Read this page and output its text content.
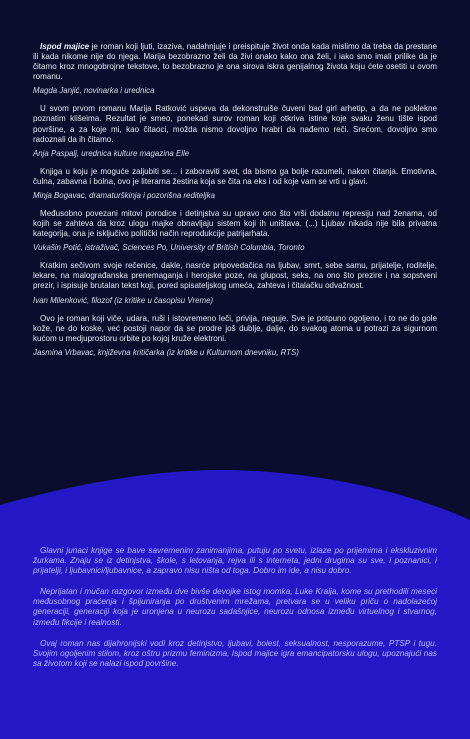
Ispod majice je roman koji ljuti, izaziva, nadahnjuje i preispituje život onda kada mislimo da treba da prestane ili kada nikome nije do njega. Marija bezobrazno želi da živi onako kako ona želi, i iako smo imali prilike da je čitamo kroz mnogobrojne tekstove, to bezobrazno je ona sirova iskra genijalnog života koju ćete osetiti u ovom romanu.

Magda Janjić, novinarka i urednica

U svom prvom romanu Marija Ratković uspeva da dekonstruiše čuveni bad girl arhetip, a da ne poklekne poznatim klišeima. Rezultat je smeo, ponekad surov roman koji otkriva istine koje svaku ženu tište ispod površine, a za koje mi, kao čitaoci, možda nismo dovoljno hrabri da nađemo reči. Srećom, dovoljno smo radoznali da ih čitamo.

Anja Paspalj, urednica kulture magazina Elle

Knjiga u koju je moguće zaljubiti se... i zaboraviti svet, da bismo ga bolje razumeli, nakon čitanja. Emotivna, čulna, zabavna i bolna, ovo je literarna žestina koja se čita na eks i od koje vam se vrti u glavi.

Minja Bogavac, dramaturškinja i pozorišna rediteljka

Međusobno povezani mitovi porodice i detinjstva su upravo ono što vrši dodatnu represiju nad ženama, od kojih se zahteva da kroz ulogu majke obnavljaju sistem koji ih uništava. (...) Ljubav nikada nije bila privatna kategorija, ona je isključivo politički način reprodukcije patrijarhata.

Vukašin Potić, istraživač, Sciences Po, University of British Columbia, Toronto

Kratkim sečivom svoje rečenice, dakle, nasrće pripovedačica na ljubav, smrt, sebe samu, prijatelje, roditelje, lekare, na malograđanska prenemaganja i herojske poze, na glupost, seks, na ono što prezire i na sopstveni prezir, i ispisuje brutalan tekst koji, pored spisateljskog umeća, zahteva i čitalačku odvažnost.

Ivan Milenković, filozof (iz kritike u časopisu Vreme)

Ovo je roman koji viče, udara, ruši i istovremeno leči, privija, neguje. Sve je potpuno ogoljeno, i to ne do gole kože, ne do koske, već postoji napor da se prodre još dublje, dalje, do svakog atoma u potrazi za sigurnom kućom u medjuprostoru orbite po kojoj kruže elektroni.

Jasmina Vrbavac, književna kritičarka (iz kritike u Kulturnom dnevniku, RTS)

Glavni junaci knjige se bave savremenim zanimanjima, putuju po svetu, izlaze po prijemima i ekskluzivnim žurkama. Znaju se iz detinjstva, škole, s letovanja, rejva ili s interneta, jedni drugima su sve, i poznanici, i prijatelji, i ljubavnici/ljubavnice, a zapravo nisu ništa od toga. Dobro im ide, a nisu dobro.

Neprijatan i mučan razgovor između dve bivše devojke istog momka, Luke Kralja, kome su prethodili meseci međusobnog praćenja i špijuniranja po društvenim mrežama, pretvara se u veliku priču o nadolazećoj generaciji, generaciji koja je uronjena u neurozu sadašnjice, neurozu odnosa između virtuelnog i stvarnog, između fikcije i realnosti.

Ovaj roman nas dijahronijski vodi kroz detinjstvo, ljubavi, bolest, seksualnost, nesporazume, PTSP i tugu. Svojim ogoljenim stilom, kroz oštru prizmu feminizma, Ispod majice igra emancipatorsku ulogu, upoznajući nas sa životom koji se nalazi ispod površine.
